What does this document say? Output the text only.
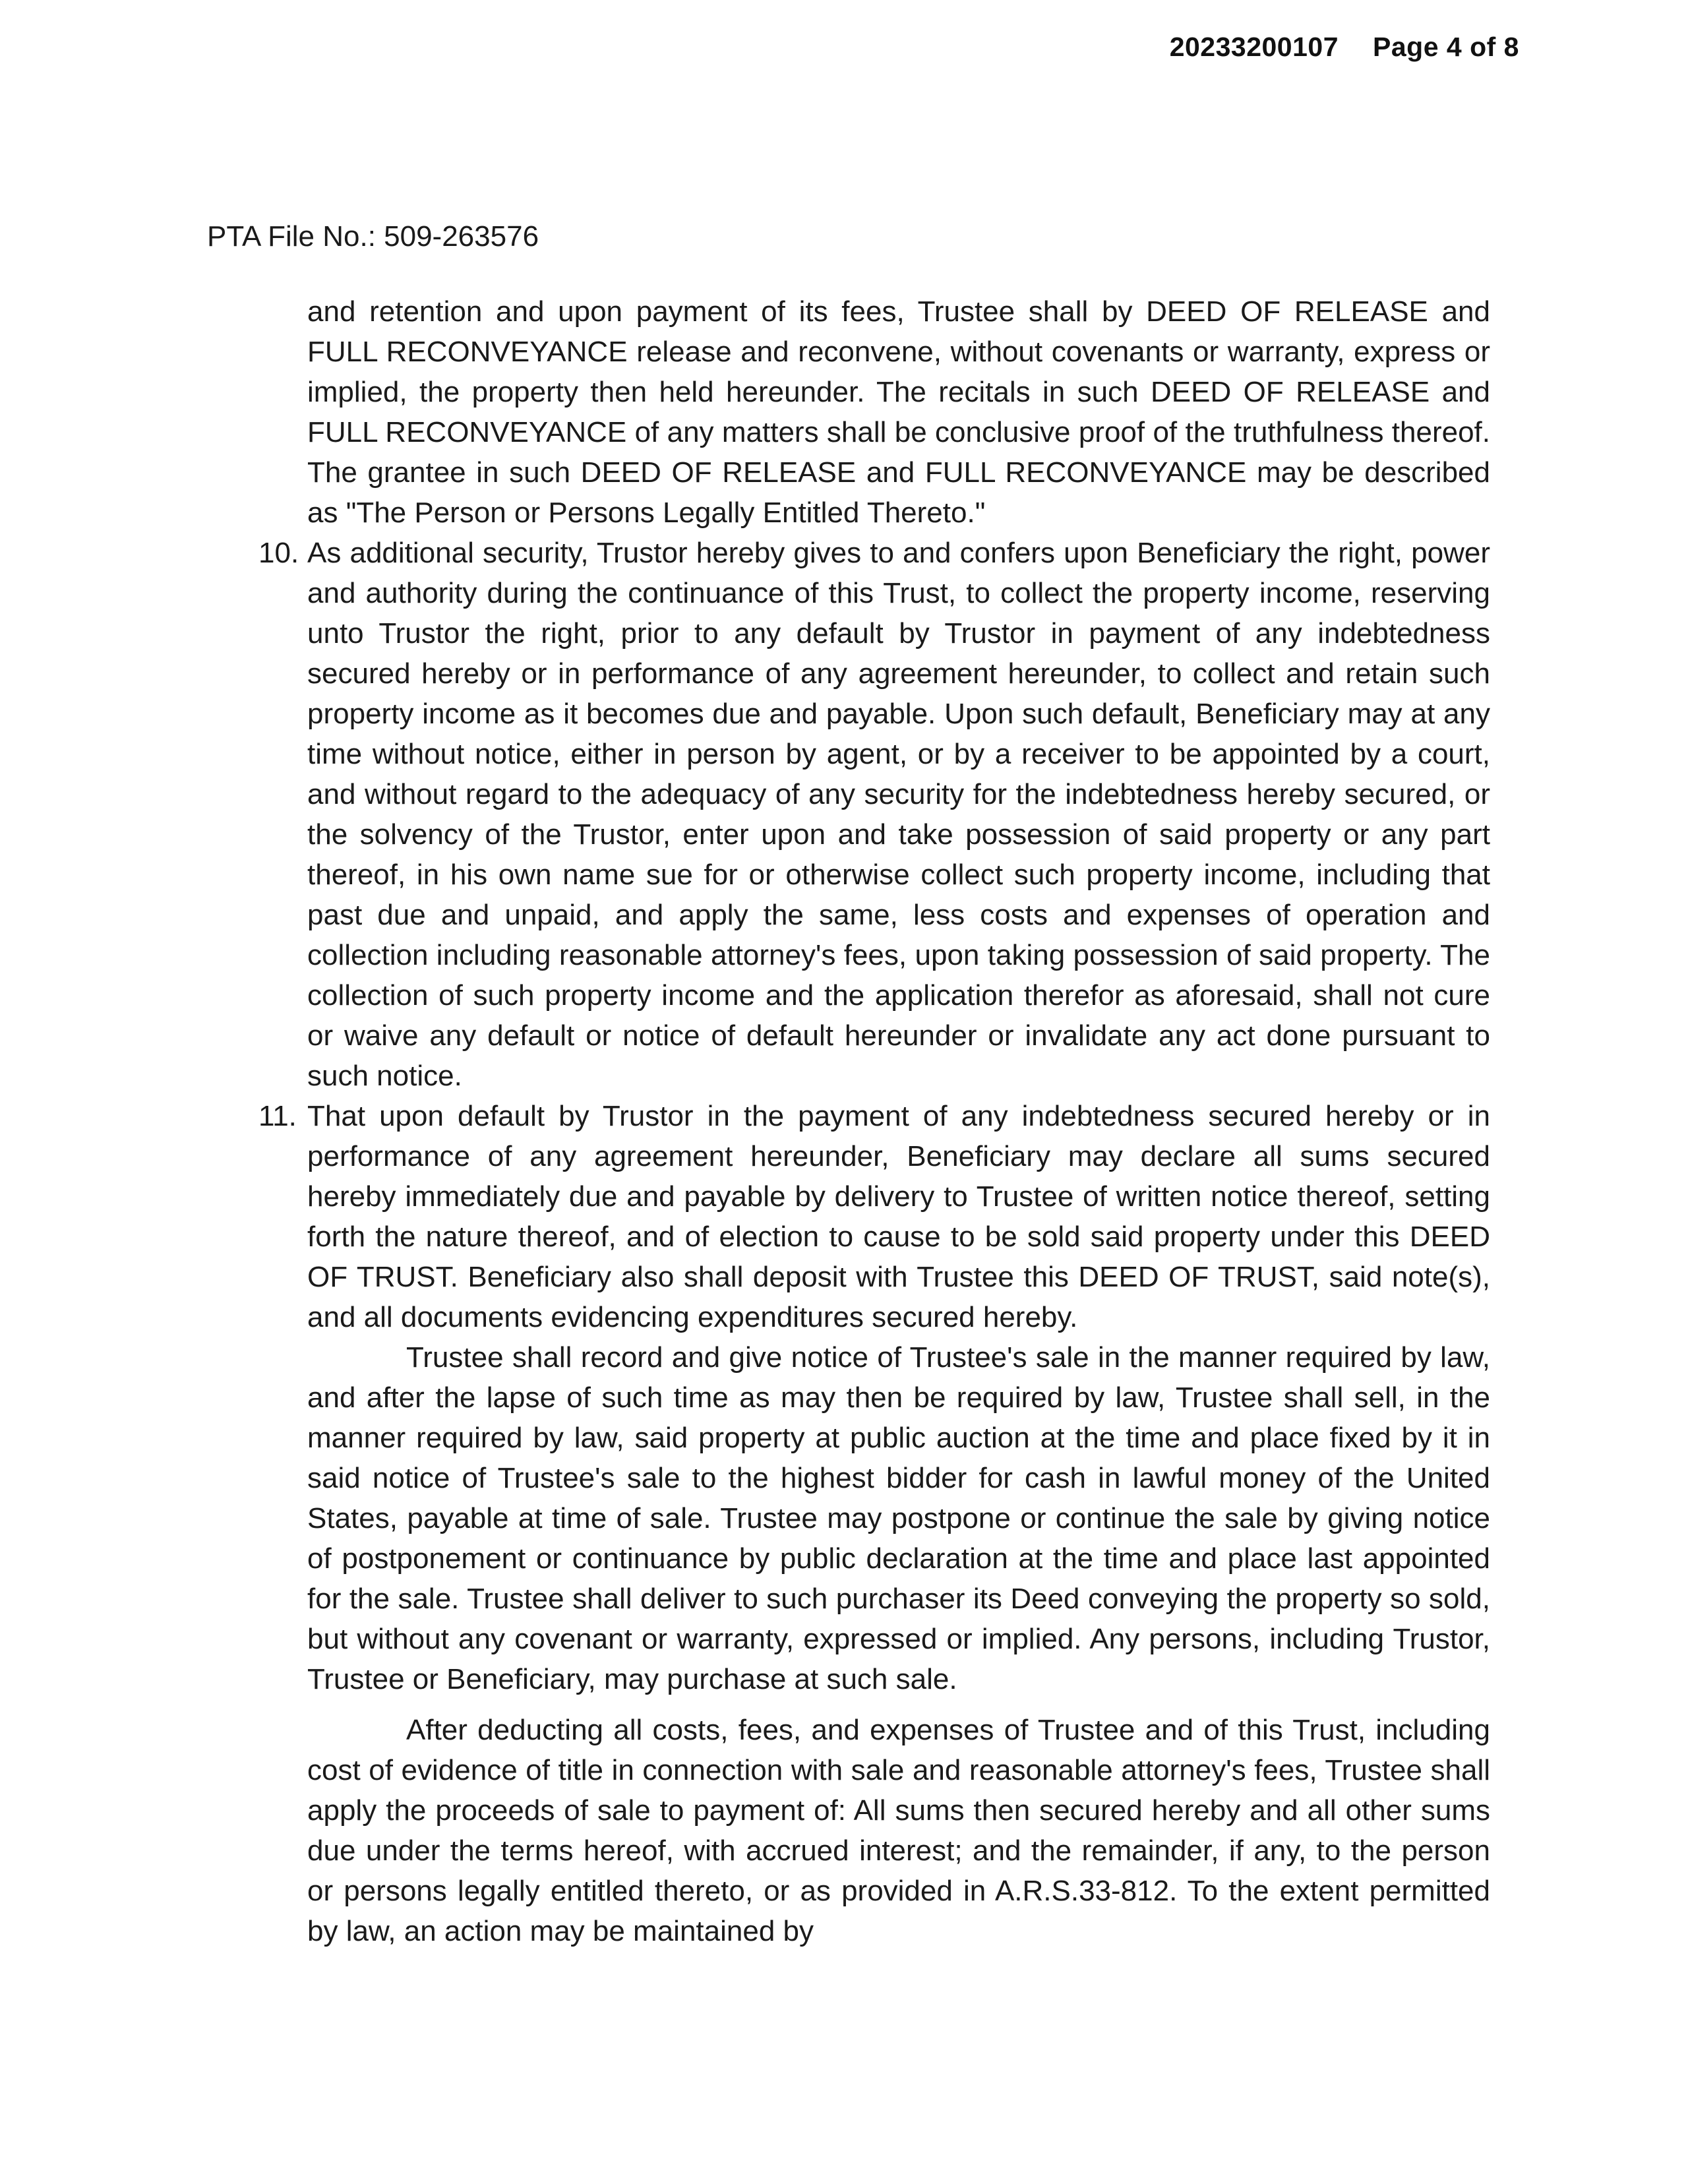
20233200107 Page 4 of 8
PTA File No.: 509-263576

and retention and upon payment of its fees, Trustee shall by DEED OF RELEASE and FULL RECONVEYANCE release and reconvene, without covenants or warranty, express or implied, the property then held hereunder. The recitals in such DEED OF RELEASE and FULL RECONVEYANCE of any matters shall be conclusive proof of the truthfulness thereof. The grantee in such DEED OF RELEASE and FULL RECONVEYANCE may be described as "The Person or Persons Legally Entitled Thereto."

10. As additional security, Trustor hereby gives to and confers upon Beneficiary the right, power and authority during the continuance of this Trust, to collect the property income, reserving unto Trustor the right, prior to any default by Trustor in payment of any indebtedness secured hereby or in performance of any agreement hereunder, to collect and retain such property income as it becomes due and payable. Upon such default, Beneficiary may at any time without notice, either in person by agent, or by a receiver to be appointed by a court, and without regard to the adequacy of any security for the indebtedness hereby secured, or the solvency of the Trustor, enter upon and take possession of said property or any part thereof, in his own name sue for or otherwise collect such property income, including that past due and unpaid, and apply the same, less costs and expenses of operation and collection including reasonable attorney's fees, upon taking possession of said property. The collection of such property income and the application therefor as aforesaid, shall not cure or waive any default or notice of default hereunder or invalidate any act done pursuant to such notice.

11. That upon default by Trustor in the payment of any indebtedness secured hereby or in performance of any agreement hereunder, Beneficiary may declare all sums secured hereby immediately due and payable by delivery to Trustee of written notice thereof, setting forth the nature thereof, and of election to cause to be sold said property under this DEED OF TRUST. Beneficiary also shall deposit with Trustee this DEED OF TRUST, said note(s), and all documents evidencing expenditures secured hereby.

Trustee shall record and give notice of Trustee's sale in the manner required by law, and after the lapse of such time as may then be required by law, Trustee shall sell, in the manner required by law, said property at public auction at the time and place fixed by it in said notice of Trustee's sale to the highest bidder for cash in lawful money of the United States, payable at time of sale. Trustee may postpone or continue the sale by giving notice of postponement or continuance by public declaration at the time and place last appointed for the sale. Trustee shall deliver to such purchaser its Deed conveying the property so sold, but without any covenant or warranty, expressed or implied. Any persons, including Trustor, Trustee or Beneficiary, may purchase at such sale.

After deducting all costs, fees, and expenses of Trustee and of this Trust, including cost of evidence of title in connection with sale and reasonable attorney's fees, Trustee shall apply the proceeds of sale to payment of: All sums then secured hereby and all other sums due under the terms hereof, with accrued interest; and the remainder, if any, to the person or persons legally entitled thereto, or as provided in A.R.S.33-812. To the extent permitted by law, an action may be maintained by
